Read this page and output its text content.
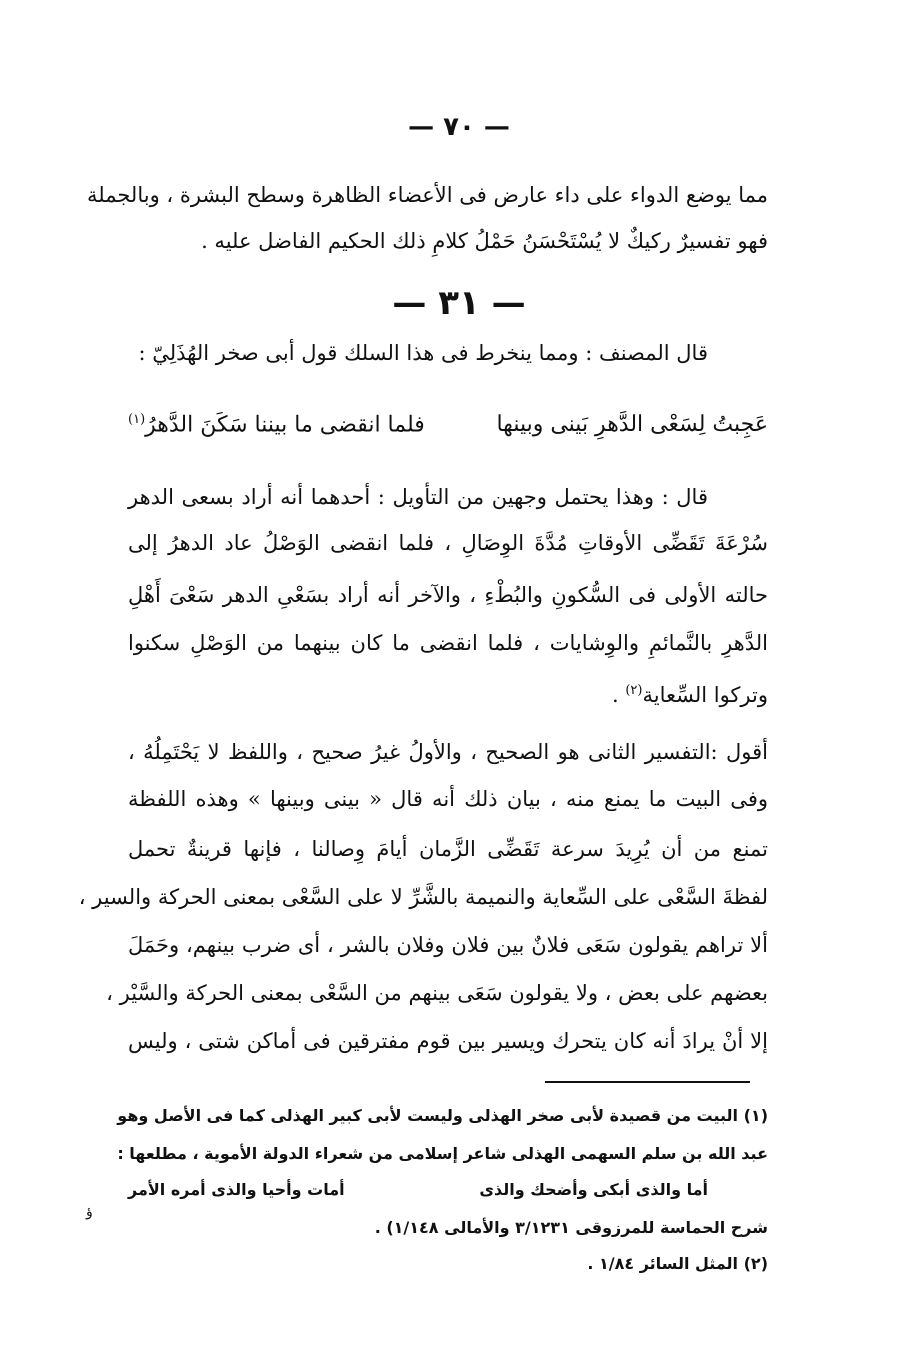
— ٧٠ —
مما يوضع الدواء على داء عارض فى الأعضاء الظاهرة وسطح البشرة ، وبالجملة
فهو تفسيرٌ ركيكٌ لا يُسْتَحْسَنُ حَمْلُ كلامِ ذلك الحكيم الفاضل عليه .
— ٣١ —
قال المصنف : ومما ينخرط فى هذا السلك قول أبى صخر الهُذَلِيّ :
عَجِبتُ لِسَعْى الدَّهرِ بَينى وبينها
فلما انقضى ما بيننا سَكَنَ الدَّهرُ$^{(١)}$
قال : وهذا يحتمل وجهين من التأويل : أحدهما أنه أراد بسعى الدهر
سُرْعَةَ تَقَضِّى الأوقاتِ مُدَّةَ الوِصَالِ ، فلما انقضى الوَصْلُ عاد الدهرُ إلى
حالته الأولى فى السُّكونِ والبُطْءِ ، والآخر أنه أراد بسَعْىِ الدهر سَعْىَ أَهْلِ
الدَّهرِ بالنَّمائمِ والوِشايات ، فلما انقضى ما كان بينهما من الوَصْلِ سكنوا
وتركوا السِّعاية$^{(٢)}$ .
أقول :التفسير الثانى هو الصحيح ، والأولُ غيرُ صحيح ، واللفظ لا يَحْتَمِلُهُ ،
وفى البيت ما يمنع منه ، بيان ذلك أنه قال « بينى وبينها » وهذه اللفظة
تمنع من أن يُرِيدَ سرعة تَقَضِّى الزَّمان أيامَ وِصالنا ، فإنها قرينةٌ تحمل
لفظةَ السَّعْى على السِّعاية والنميمة بالشَّرِّ لا على السَّعْى بمعنى الحركة والسير ،
ألا تراهم يقولون سَعَى فلانٌ بين فلان وفلان بالشر ، أى ضرب بينهم، وحَمَلَ
بعضهم على بعض ، ولا يقولون سَعَى بينهم من السَّعْى بمعنى الحركة والسَّيْر ،
إلا أنْ يرادَ أنه كان يتحرك ويسير بين قوم مفترقين فى أماكن شتى ، وليس
(١) البيت من قصيدة لأبى صخر الهذلى وليست لأبى كبير الهذلى كما فى الأصل وهو
عبد الله بن سلم السهمى الهذلى شاعر إسلامى من شعراء الدولة الأموية ، مطلعها :
أما والذى أبكى وأضحك والذى
أمات وأحيا والذى أمره الأمر
شرح الحماسة للمرزوقى ٣/١٢٣١ والأمالى ١/١٤٨) .
(٢) المثل السائر ١/٨٤ .
ؤ
